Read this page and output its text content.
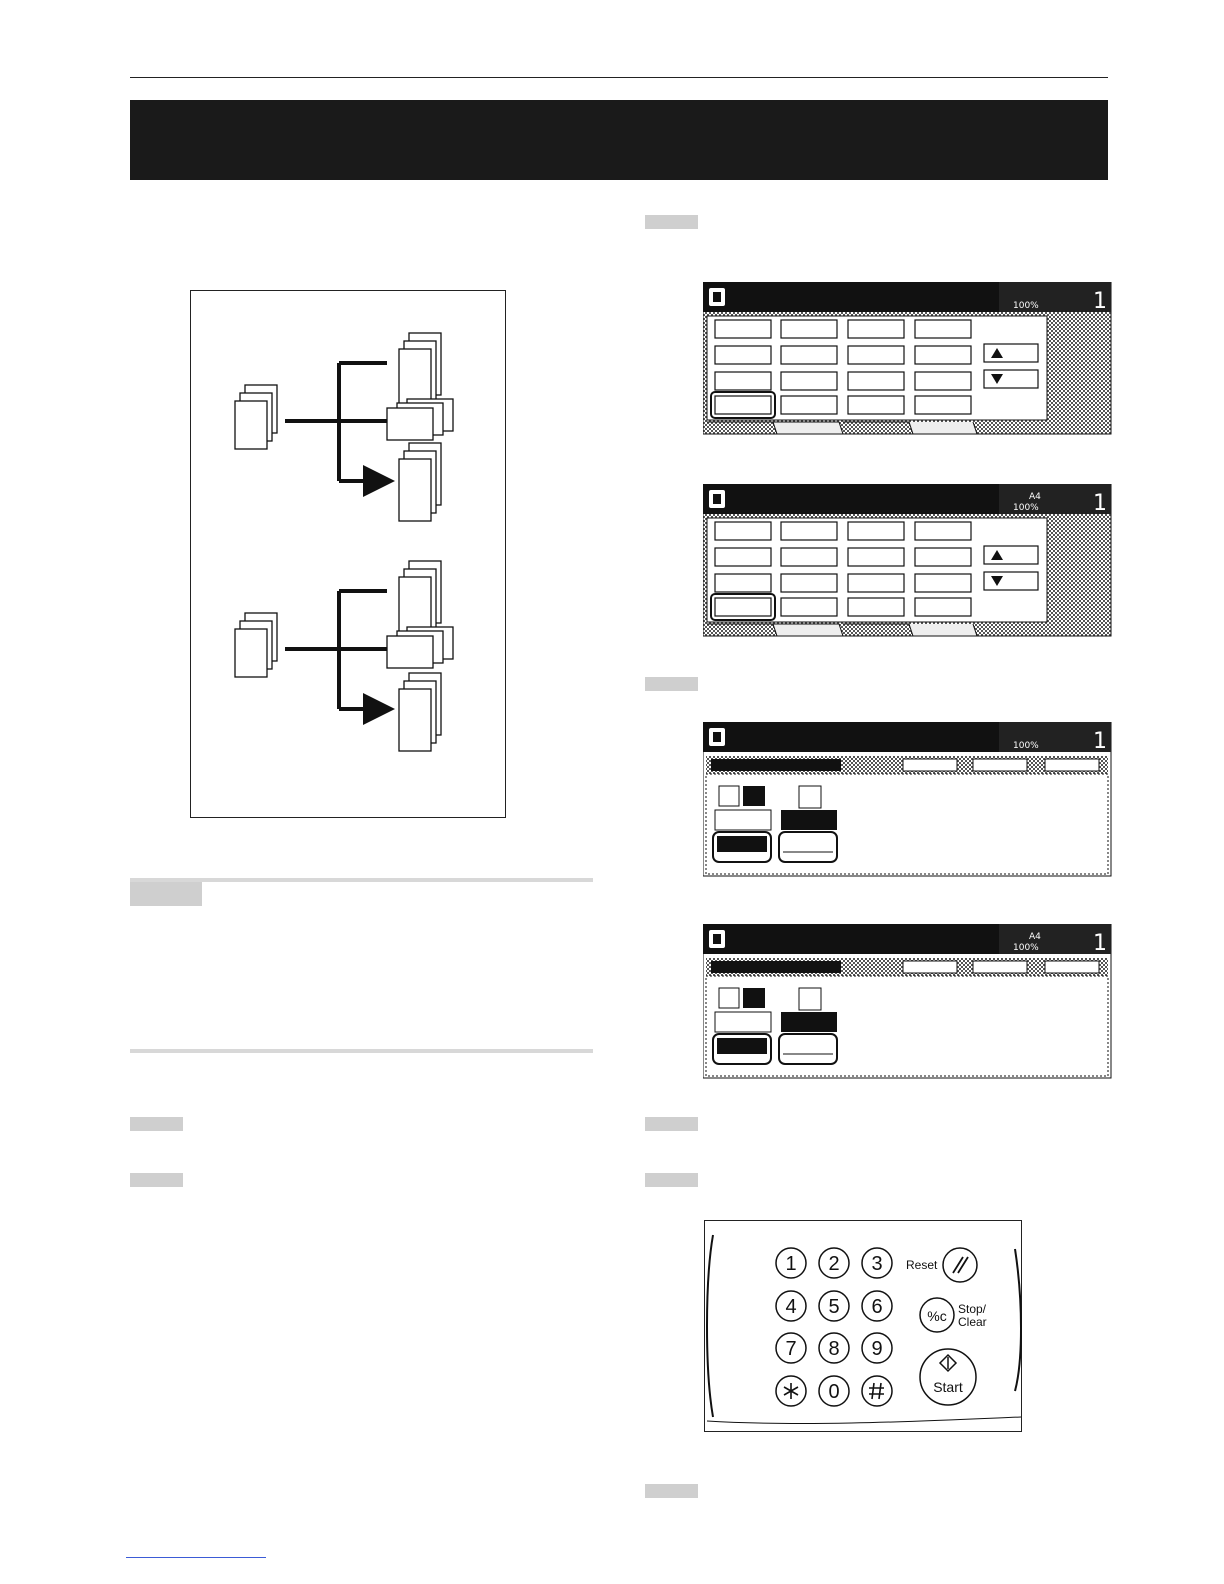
100% 1
100%
A4 1
100% 1
100%
A4 1
1 2 3
4 5 6
7 8 9
0
Reset
%c Stop/
Clear
Start
